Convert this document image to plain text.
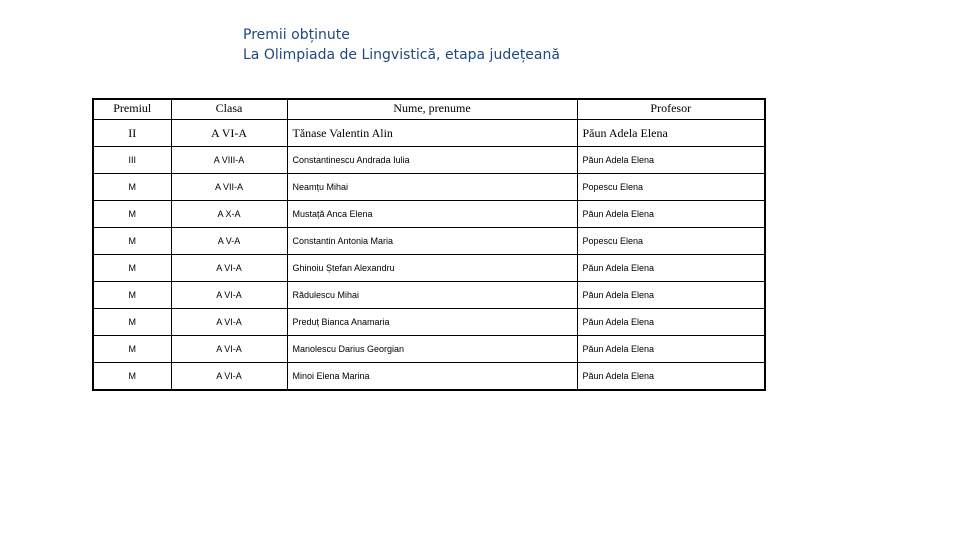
Premii obținute
La Olimpiada de Lingvistică, etapa județeană
Premiul	Clasa	Nume, prenume	Profesor
II	A VI-A	Tănase Valentin Alin	Păun Adela Elena
III	A VIII-A	Constantinescu Andrada Iulia	Păun Adela Elena
M	A VII-A	Neamțu Mihai	Popescu Elena
M	A X-A	Mustață Anca Elena	Păun Adela Elena
M	A V-A	Constantin Antonia Maria	Popescu Elena
M	A VI-A	Ghinoiu Ștefan Alexandru	Păun Adela Elena
M	A VI-A	Rădulescu Mihai	Păun Adela Elena
M	A VI-A	Preduț Bianca Anamaria	Păun Adela Elena
M	A VI-A	Manolescu Darius Georgian	Păun Adela Elena
M	A VI-A	Minoi Elena Marina	Păun Adela Elena
